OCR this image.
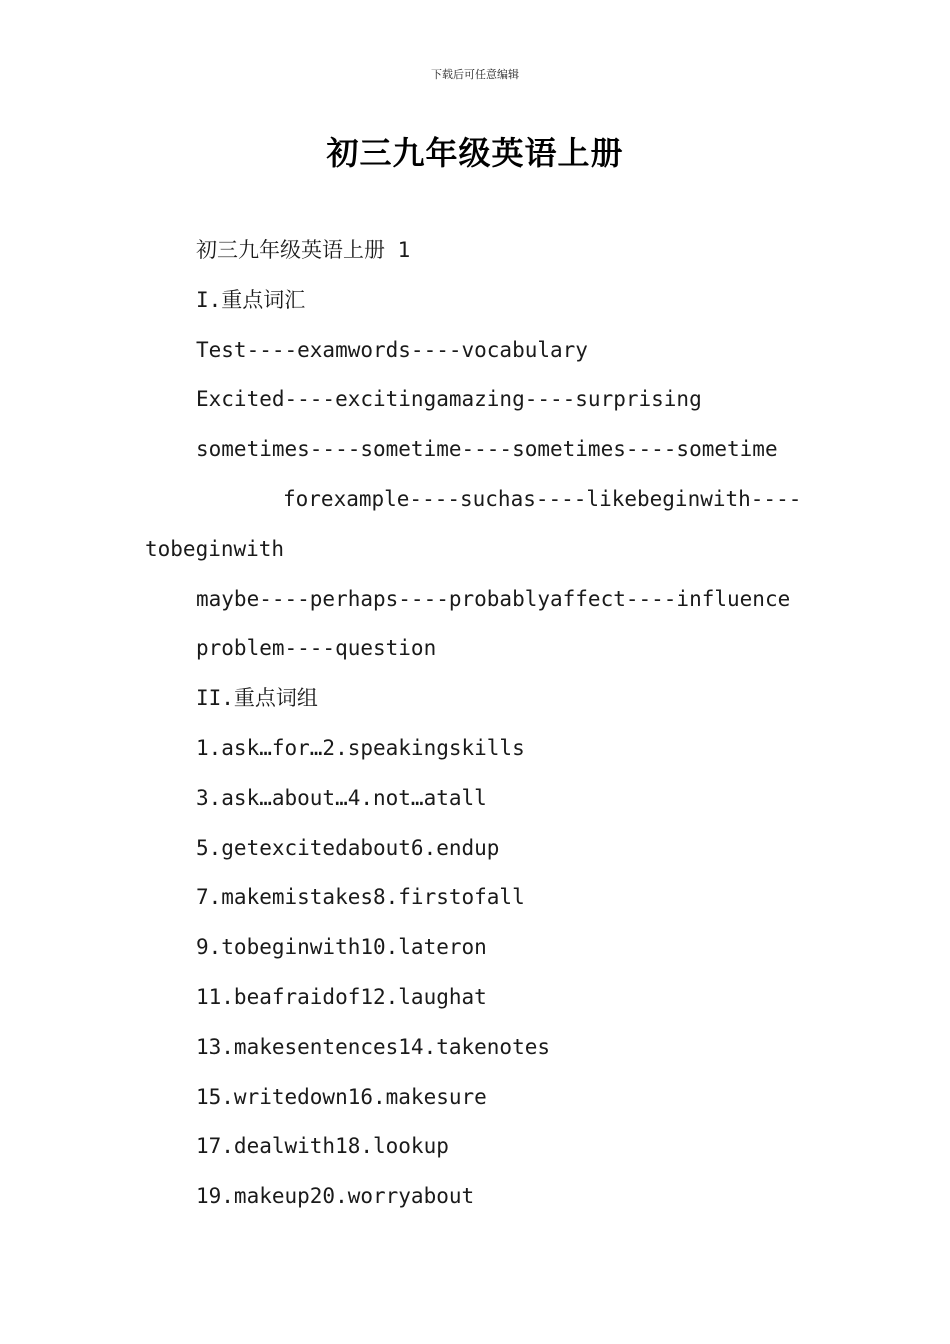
下载后可任意编辑
初三九年级英语上册

初三九年级英语上册 1

I.重点词汇

Test----examwords----vocabulary

Excited----excitingamazing----surprising

sometimes----sometime----sometimes----sometime

forexample----suchas----likebeginwith----tobeginwith

maybe----perhaps----probablyaffect----influence

problem----question

II.重点词组

1.ask…for…2.speakingskills

3.ask…about…4.not…atall

5.getexcitedabout6.endup

7.makemistakes8.firstofall

9.tobeginwith10.lateron

11.beafraidof12.laughat

13.makesentences14.takenotes

15.writedown16.makesure

17.dealwith18.lookup

19.makeup20.worryabout
